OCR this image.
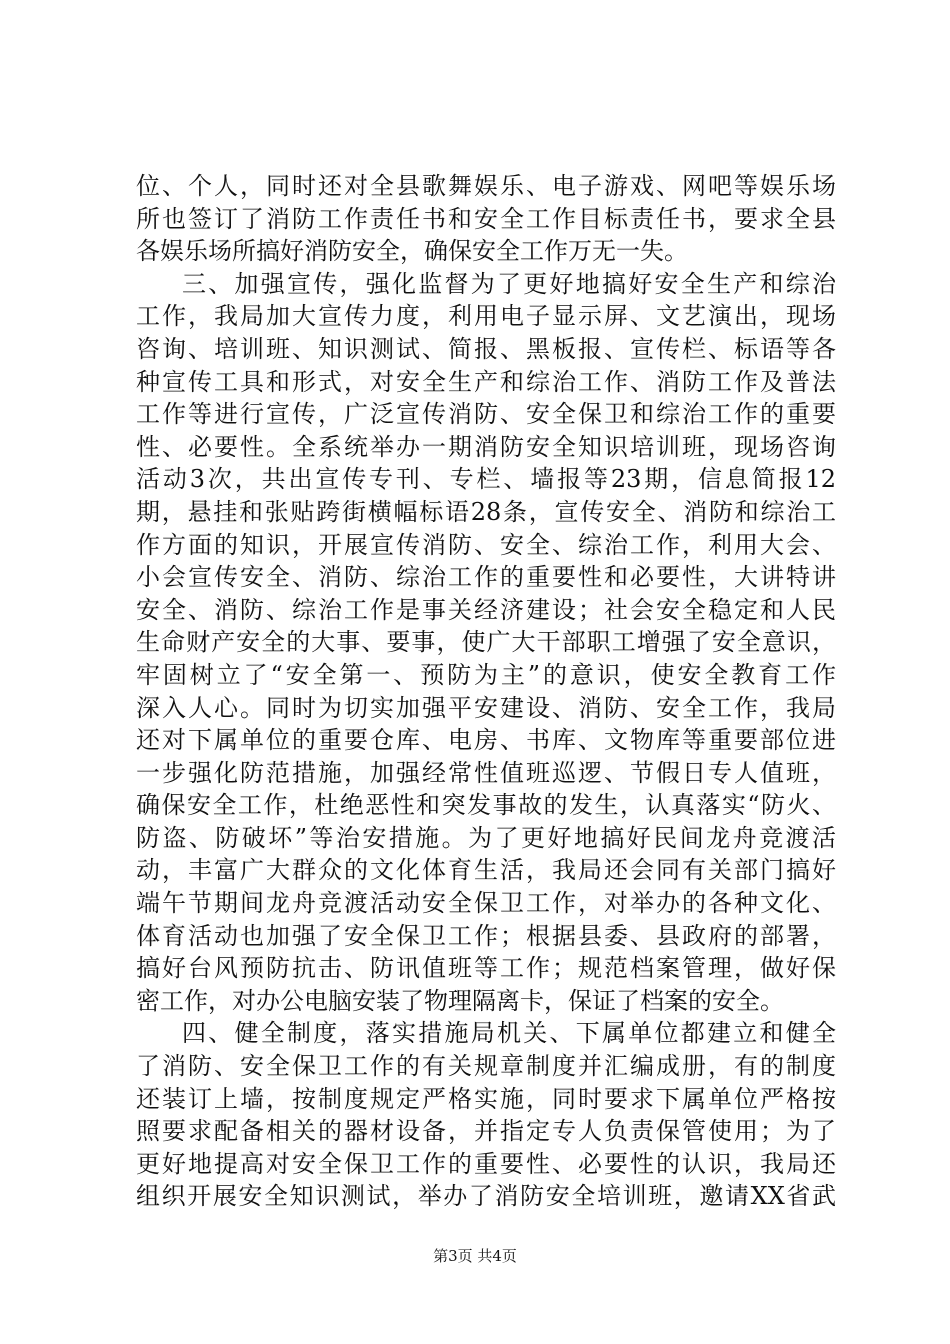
位、个人，同时还对全县歌舞娱乐、电子游戏、网吧等娱乐场
所也签订了消防工作责任书和安全工作目标责任书，要求全县
各娱乐场所搞好消防安全，确保安全工作万无一失。
三、加强宣传，强化监督为了更好地搞好安全生产和综治
工作，我局加大宣传力度，利用电子显示屏、文艺演出，现场
咨询、培训班、知识测试、简报、黑板报、宣传栏、标语等各
种宣传工具和形式，对安全生产和综治工作、消防工作及普法
工作等进行宣传，广泛宣传消防、安全保卫和综治工作的重要
性、必要性。全系统举办一期消防安全知识培训班，现场咨询
活动3次，共出宣传专刊、专栏、墙报等23期，信息简报12
期，悬挂和张贴跨街横幅标语28条，宣传安全、消防和综治工
作方面的知识，开展宣传消防、安全、综治工作，利用大会、
小会宣传安全、消防、综治工作的重要性和必要性，大讲特讲
安全、消防、综治工作是事关经济建设；社会安全稳定和人民
生命财产安全的大事、要事，使广大干部职工增强了安全意识，
牢固树立了“安全第一、预防为主”的意识，使安全教育工作
深入人心。同时为切实加强平安建设、消防、安全工作，我局
还对下属单位的重要仓库、电房、书库、文物库等重要部位进
一步强化防范措施，加强经常性值班巡逻、节假日专人值班，
确保安全工作，杜绝恶性和突发事故的发生，认真落实“防火、
防盗、防破坏”等治安措施。为了更好地搞好民间龙舟竞渡活
动，丰富广大群众的文化体育生活，我局还会同有关部门搞好
端午节期间龙舟竞渡活动安全保卫工作，对举办的各种文化、
体育活动也加强了安全保卫工作；根据县委、县政府的部署，
搞好台风预防抗击、防讯值班等工作；规范档案管理，做好保
密工作，对办公电脑安装了物理隔离卡，保证了档案的安全。
四、健全制度，落实措施局机关、下属单位都建立和健全
了消防、安全保卫工作的有关规章制度并汇编成册，有的制度
还装订上墙，按制度规定严格实施，同时要求下属单位严格按
照要求配备相关的器材设备，并指定专人负责保管使用；为了
更好地提高对安全保卫工作的重要性、必要性的认识，我局还
组织开展安全知识测试，举办了消防安全培训班，邀请XX省武
第3页 共4页
